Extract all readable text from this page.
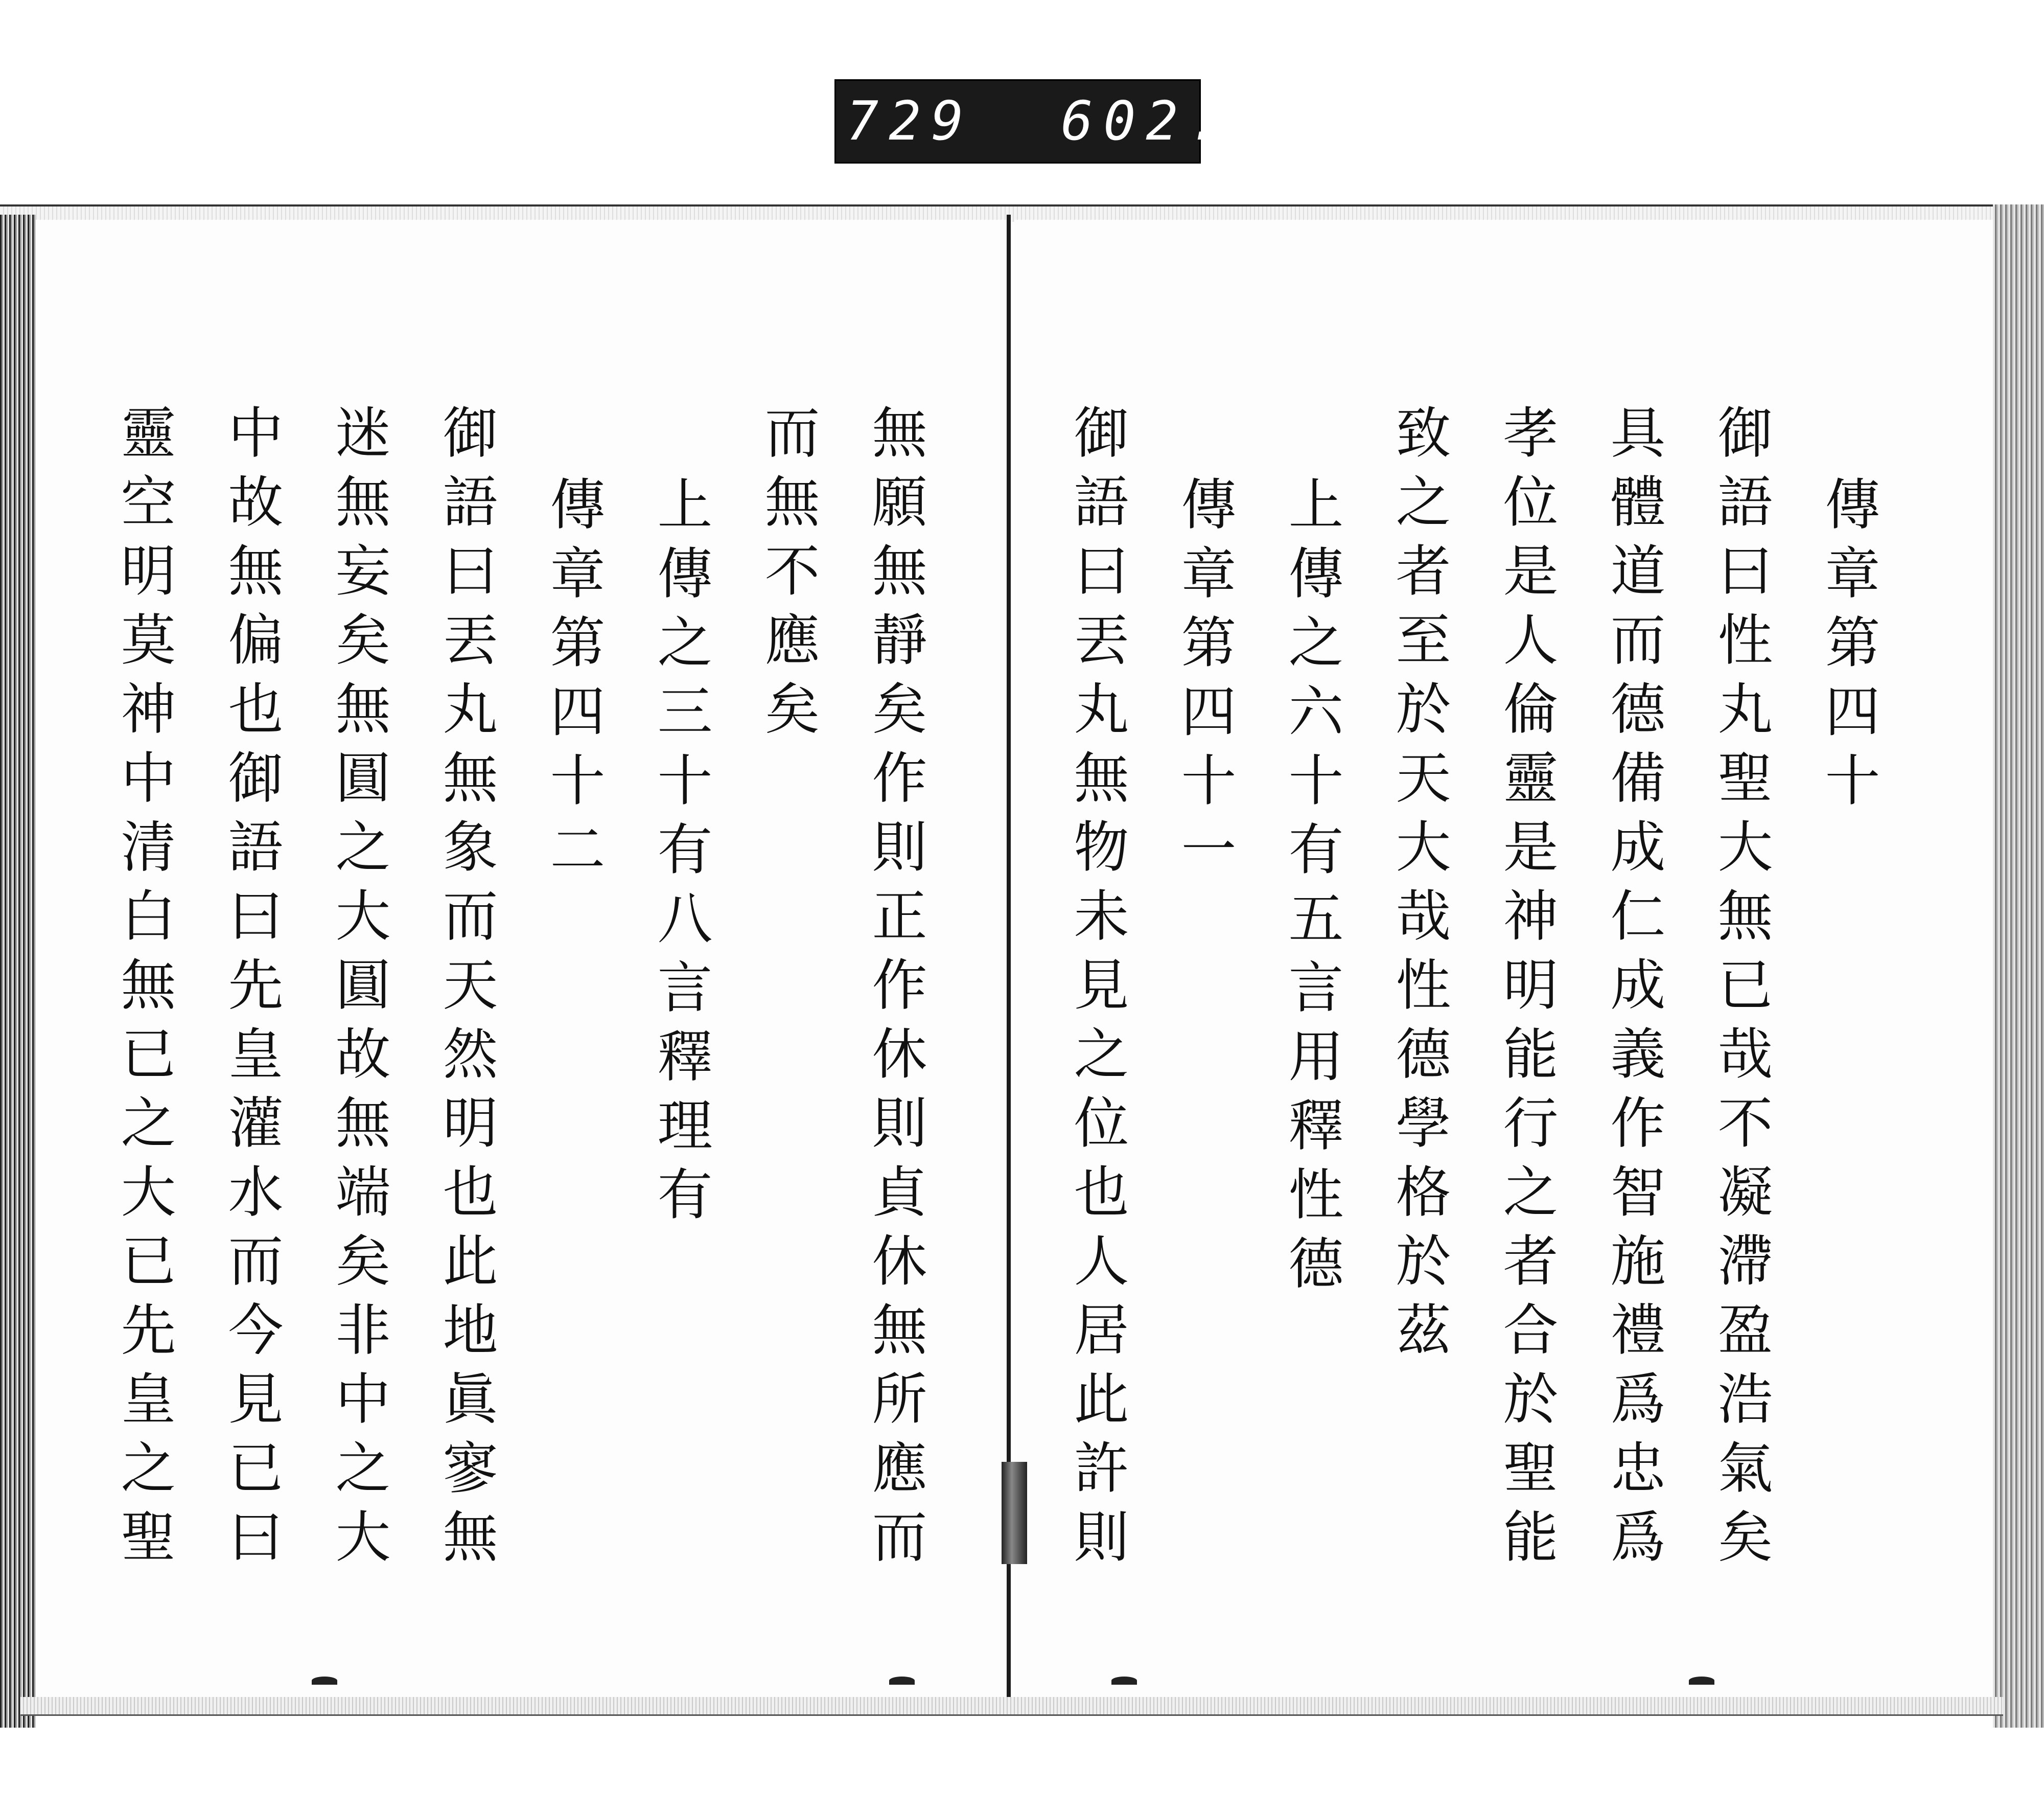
729 602.
無願無靜矣作則正作休則貞休無所應而
而無不應矣
上傳之三十有八言釋理有
傳章第四十二
御語曰丟丸無象而天然明也此地眞寥無
迷無妄矣無圓之大圓故無端矣非中之大
中故無偏也御語曰先皇灌水而今見已曰
靈空明莫神中清白無已之大已先皇之聖	傳章第四十
御語曰性丸聖大無已哉不凝滯盈浩氣矣
具體道而德備成仁成義作智施禮爲忠爲
孝位是人倫靈是神明能行之者合於聖能
致之者至於天大哉性德學格於茲
上傳之六十有五言用釋性德
傳章第四十一
御語曰丟丸無物未見之位也人居此許則
